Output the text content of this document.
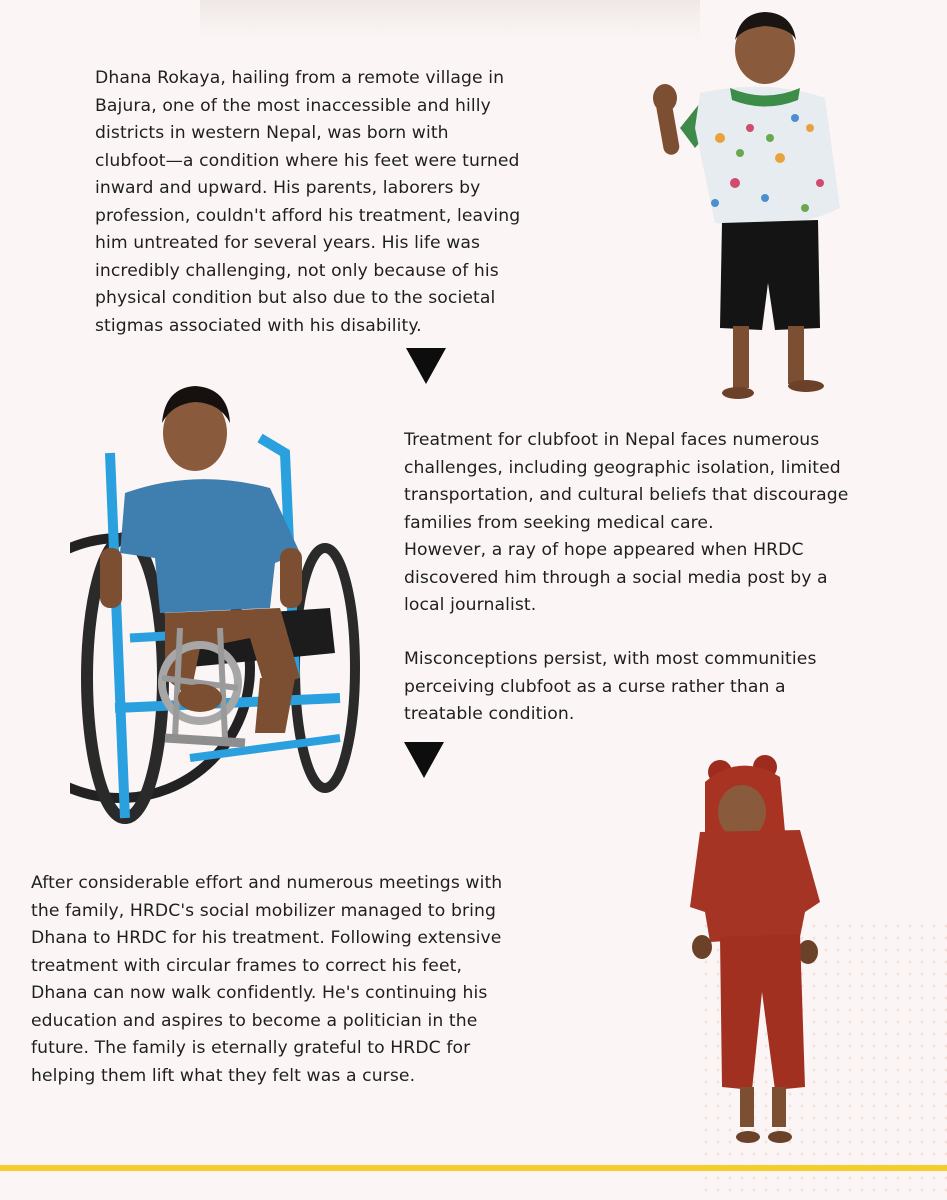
Dhana Rokaya, hailing from a remote village in
Bajura, one of the most inaccessible and hilly
districts in western Nepal, was born with
clubfoot—a condition where his feet were turned
inward and upward. His parents, laborers by
profession, couldn't afford his treatment, leaving
him untreated for several years. His life was
incredibly challenging, not only because of his
physical condition but also due to the societal
stigmas associated with his disability.

Treatment for clubfoot in Nepal faces numerous
challenges, including geographic isolation, limited
transportation, and cultural beliefs that discourage
families from seeking medical care.
However, a ray of hope appeared when HRDC
discovered him through a social media post by a
local journalist.

Misconceptions persist, with most communities
perceiving clubfoot as a curse rather than a
treatable condition.

After considerable effort and numerous meetings with
the family, HRDC's social mobilizer managed to bring
Dhana to HRDC for his treatment. Following extensive
treatment with circular frames to correct his feet,
Dhana can now walk confidently. He's continuing his
education and aspires to become a politician in the
future. The family is eternally grateful to HRDC for
helping them lift what they felt was a curse.
